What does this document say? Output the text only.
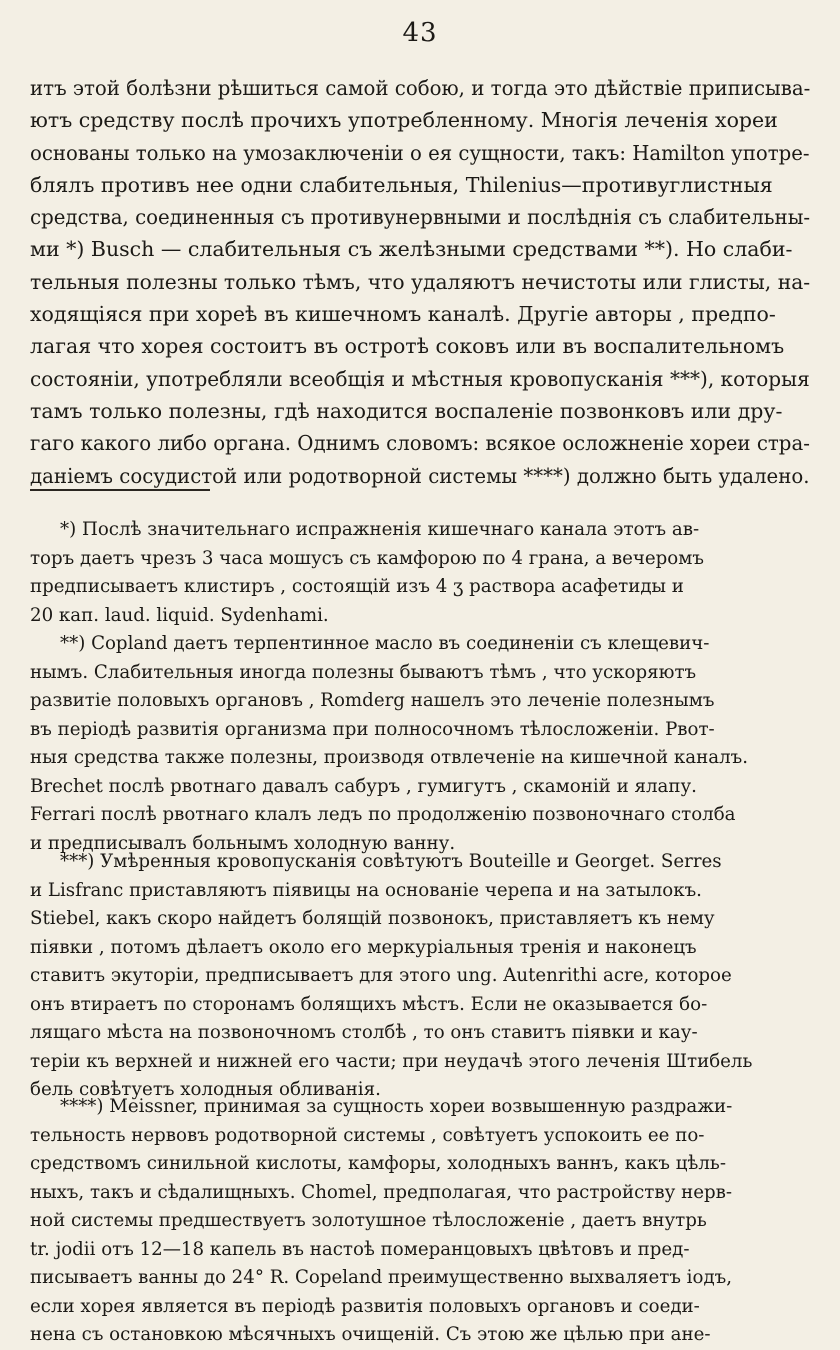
43
итъ этой болѣзни рѣшиться самой собою, и тогда это дѣйствіе приписыва-
ютъ средству послѣ прочихъ употребленному. Многія леченія хореи
основаны только на умозаключеніи о ея сущности, такъ: Hamilton употре-
блялъ противъ нее одни слабительныя, Thilenius—противуглистныя
средства, соединенныя съ противунервными и послѣднія съ слабительны-
ми *) Busch — слабительныя съ желѣзными средствами **). Но слаби-
тельныя полезны только тѣмъ, что удаляютъ нечистоты или глисты, на-
ходящіяся при хореѣ въ кишечномъ каналѣ. Другіе авторы , предпо-
лагая что хорея состоитъ въ остротѣ соковъ или въ воспалительномъ
состояніи, употребляли всеобщія и мѣстныя кровопусканія ***), которыя
тамъ только полезны, гдѣ находится воспаленіе позвонковъ или дру-
гаго какого либо органа. Однимъ словомъ: всякое осложненіе хореи стра-
даніемъ сосудистой или родотворной системы ****) должно быть удалено.
*) Послѣ значительнаго испражненія кишечнаго канала этотъ ав-
торъ даетъ чрезъ 3 чаca мошусъ съ камфорою по 4 грана, а вечеромъ
предписываетъ клистиръ , состоящій изъ 4 ʒ раствора асафетиды и
20 кап. laud. liquid. Sydenhami.
**) Copland даетъ терпентинное масло въ соединеніи съ клещевич-
нымъ. Слабительныя иногда полезны бываютъ тѣмъ , что ускоряютъ
развитіе половыхъ органовъ , Romderg нашелъ это леченіе полезнымъ
въ періодѣ развитія организма при полносочномъ тѣлосложеніи. Рвот-
ныя средства также полезны, производя отвлеченіе на кишечной каналъ.
Brechet послѣ рвотнаго давалъ сабуръ , гумигутъ , скамоній и ялапу.
Ferrari послѣ рвотнаго клалъ ледъ по продолженію позвоночнаго столба
и предписывалъ больнымъ холодную ванну.
***) Умѣренныя кровопусканія совѣтуютъ Bouteille и Georget. Serres
и Lisfranc приставляютъ піявицы на основаніе черепа и на затылокъ.
Stiebel, какъ скоро найдетъ болящій позвонокъ, приставляетъ къ нему
піявки , потомъ дѣлаетъ около его меркуріальныя тренія и наконецъ
ставитъ экуторіи, предписываетъ для этого ung. Autenrithi acre, которое
онъ втираетъ по сторонамъ болящихъ мѣстъ. Если не оказывается бо-
лящаго мѣста на позвоночномъ столбѣ , то онъ ставитъ піявки и кау-
теріи къ верхней и нижней его части; при неудачѣ этого леченія Штибель
бель совѣтуетъ холодныя обливанія.
****) Meissner, принимая за сущность хореи возвышенную раздражи-
тельность нервовъ родотворной системы , совѣтуетъ успокоить ее по-
средствомъ синильной кислоты, камфоры, холодныхъ ваннъ, какъ цѣль-
ныхъ, такъ и сѣдалищныхъ. Chomel, предполагая, что растройству нерв-
ной системы предшествуетъ золотушное тѣлосложеніе , даетъ внутрь
tr. jodii отъ 12—18 капель въ настоѣ померанцовыхъ цвѣтовъ и пред-
писываетъ ванны до 24° R. Copeland преимущественно выхваляетъ іодъ,
если хорея является въ періодѣ развитія половыхъ органовъ и соеди-
нена съ остановкою мѣсячныхъ очищеній. Съ этою же цѣлью при ане-
